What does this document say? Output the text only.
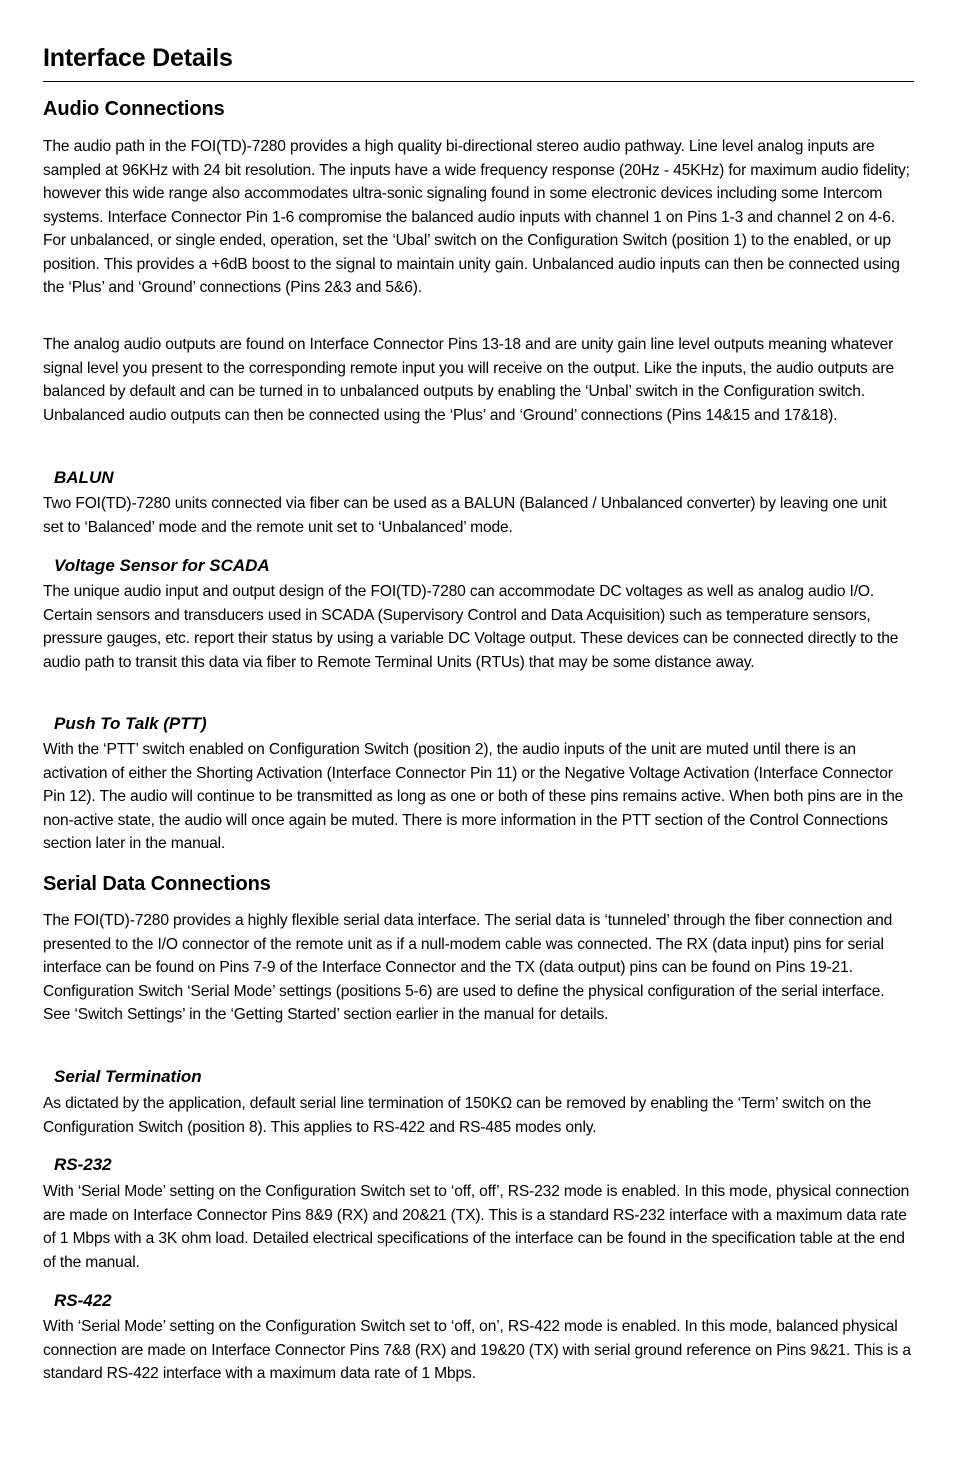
Interface Details
Audio Connections
The audio path in the FOI(TD)-7280 provides a high quality bi-directional stereo audio pathway. Line level analog inputs are sampled at 96KHz with 24 bit resolution. The inputs have a wide frequency response (20Hz - 45KHz) for maximum audio fidelity; however this wide range also accommodates ultra-sonic signaling found in some electronic devices including some Intercom systems. Interface Connector Pin 1-6 compromise the balanced audio inputs with channel 1 on Pins 1-3 and channel 2 on 4-6. For unbalanced, or single ended, operation, set the ‘Ubal’ switch on the Configuration Switch (position 1) to the enabled, or up position. This provides a +6dB boost to the signal to maintain unity gain. Unbalanced audio inputs can then be connected using the ‘Plus’ and ‘Ground’ connections (Pins 2&3 and 5&6).
The analog audio outputs are found on Interface Connector Pins 13-18 and are unity gain line level outputs meaning whatever signal level you present to the corresponding remote input you will receive on the output. Like the inputs, the audio outputs are balanced by default and can be turned in to unbalanced outputs by enabling the ‘Unbal’ switch in the Configuration switch. Unbalanced audio outputs can then be connected using the ‘Plus’ and ‘Ground’ connections (Pins 14&15 and 17&18).
BALUN
Two FOI(TD)-7280 units connected via fiber can be used as a BALUN (Balanced / Unbalanced converter) by leaving one unit set to ‘Balanced’ mode and the remote unit set to ‘Unbalanced’ mode.
Voltage Sensor for SCADA
The unique audio input and output design of the FOI(TD)-7280 can accommodate DC voltages as well as analog audio I/O. Certain sensors and transducers used in SCADA (Supervisory Control and Data Acquisition) such as temperature sensors, pressure gauges, etc. report their status by using a variable DC Voltage output. These devices can be connected directly to the audio path to transit this data via fiber to Remote Terminal Units (RTUs) that may be some distance away.
Push To Talk (PTT)
With the ‘PTT’ switch enabled on Configuration Switch (position 2), the audio inputs of the unit are muted until there is an activation of either the Shorting Activation (Interface Connector Pin 11) or the Negative Voltage Activation (Interface Connector Pin 12). The audio will continue to be transmitted as long as one or both of these pins remains active. When both pins are in the non-active state, the audio will once again be muted. There is more information in the PTT section of the Control Connections section later in the manual.
Serial Data Connections
The FOI(TD)-7280 provides a highly flexible serial data interface. The serial data is ‘tunneled’ through the fiber connection and presented to the I/O connector of the remote unit as if a null-modem cable was connected. The RX (data input) pins for serial interface can be found on Pins 7-9 of the Interface Connector and the TX (data output) pins can be found on Pins 19-21. Configuration Switch ‘Serial Mode’ settings (positions 5-6) are used to define the physical configuration of the serial interface. See ‘Switch Settings’ in the ‘Getting Started’ section earlier in the manual for details.
Serial Termination
As dictated by the application, default serial line termination of 150KΩ can be removed by enabling the ‘Term’ switch on the Configuration Switch (position 8). This applies to RS-422 and RS-485 modes only.
RS-232
With ‘Serial Mode’ setting on the Configuration Switch set to ‘off, off’, RS-232 mode is enabled. In this mode, physical connection are made on Interface Connector Pins 8&9 (RX) and 20&21 (TX). This is a standard RS-232 interface with a maximum data rate of 1 Mbps with a 3K ohm load. Detailed electrical specifications of the interface can be found in the specification table at the end of the manual.
RS-422
With ‘Serial Mode’ setting on the Configuration Switch set to ‘off, on’, RS-422 mode is enabled. In this mode, balanced physical connection are made on Interface Connector Pins 7&8 (RX) and 19&20 (TX) with serial ground reference on Pins 9&21. This is a standard RS-422 interface with a maximum data rate of 1 Mbps.
